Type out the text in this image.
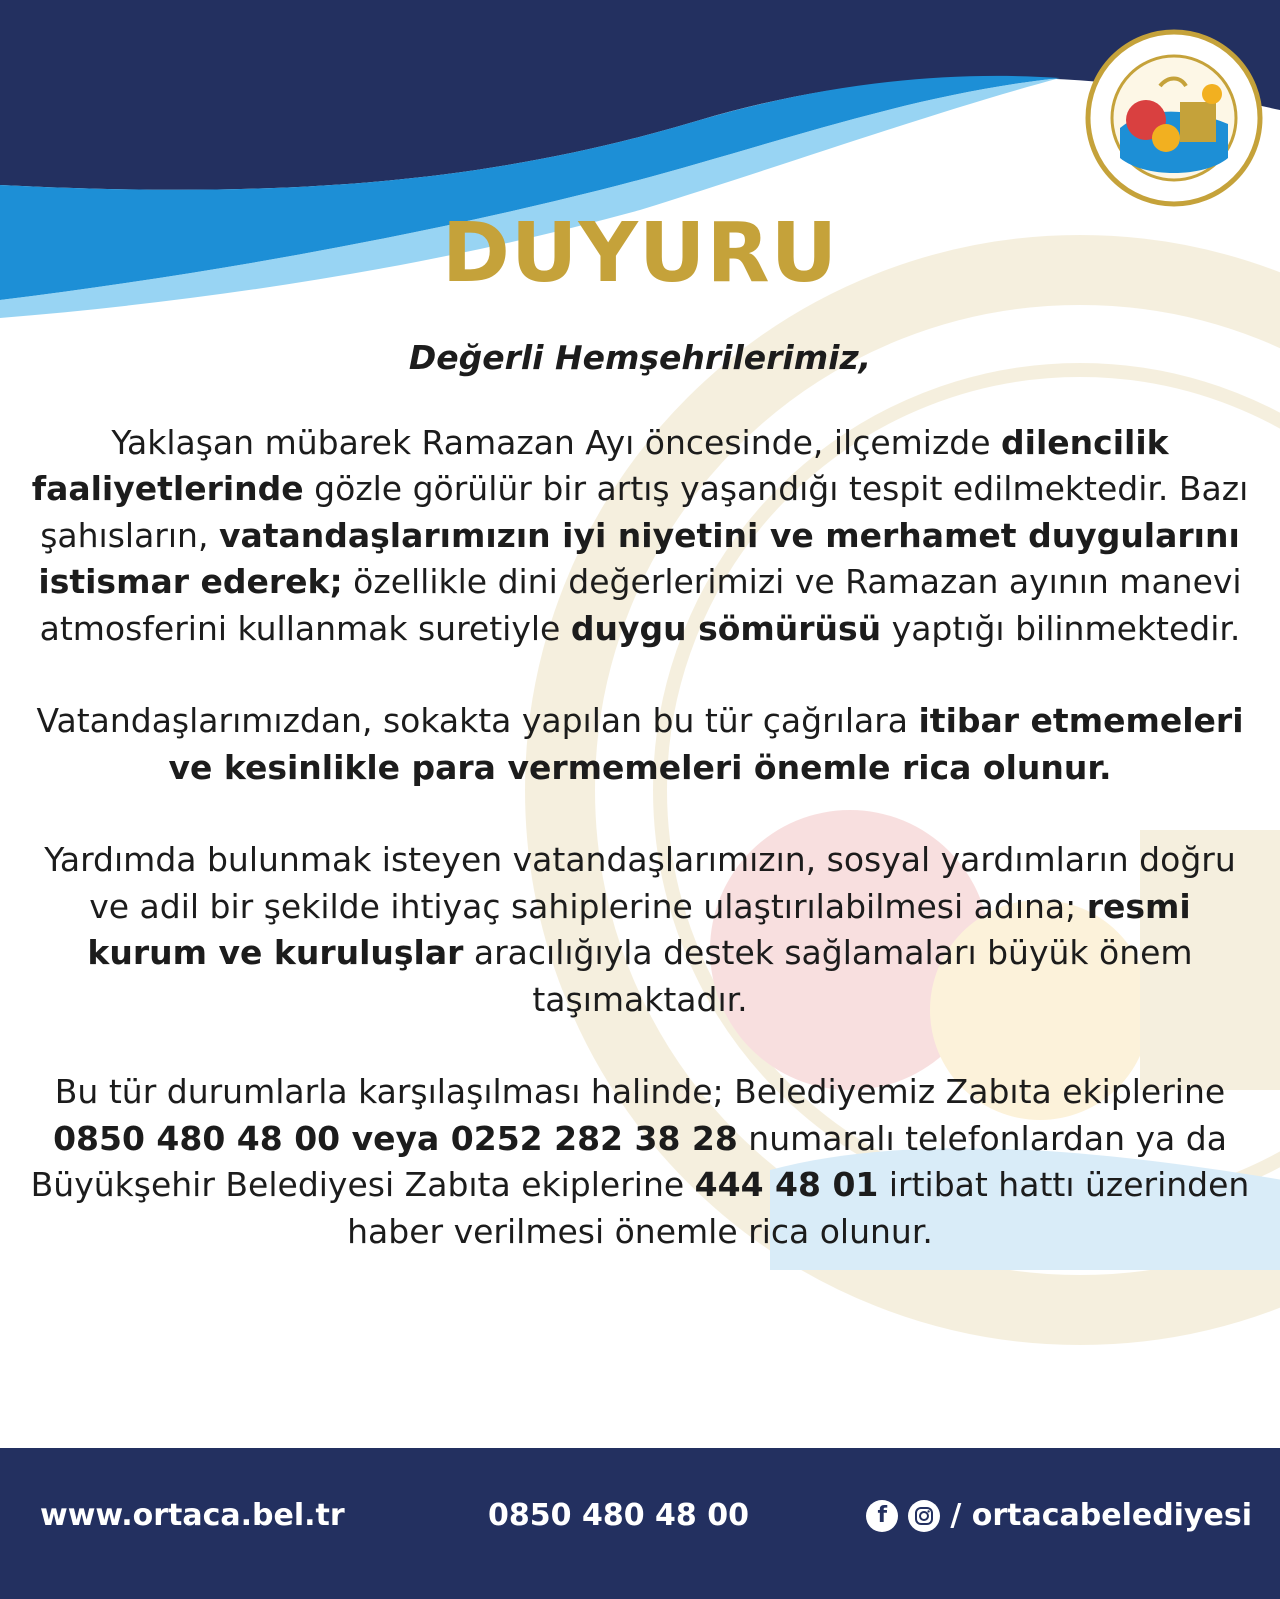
DUYURU

Değerli Hemşehrilerimiz,

Yaklaşan mübarek Ramazan Ayı öncesinde, ilçemizde dilencilik faaliyetlerinde gözle görülür bir artış yaşandığı tespit edilmektedir. Bazı şahısların, vatandaşlarımızın iyi niyetini ve merhamet duygularını istismar ederek; özellikle dini değerlerimizi ve Ramazan ayının manevi atmosferini kullanmak suretiyle duygu sömürüsü yaptığı bilinmektedir.

Vatandaşlarımızdan, sokakta yapılan bu tür çağrılara itibar etmemeleri ve kesinlikle para vermemeleri önemle rica olunur.

Yardımda bulunmak isteyen vatandaşlarımızın, sosyal yardımların doğru ve adil bir şekilde ihtiyaç sahiplerine ulaştırılabilmesi adına; resmi kurum ve kuruluşlar aracılığıyla destek sağlamaları büyük önem taşımaktadır.

Bu tür durumlarla karşılaşılması halinde; Belediyemiz Zabıta ekiplerine 0850 480 48 00 veya 0252 282 38 28 numaralı telefonlardan ya da Büyükşehir Belediyesi Zabıta ekiplerine 444 48 01 irtibat hattı üzerinden haber verilmesi önemle rica olunur.

www.ortaca.bel.tr	0850 480 48 00	f	/ ortacabelediyesi
